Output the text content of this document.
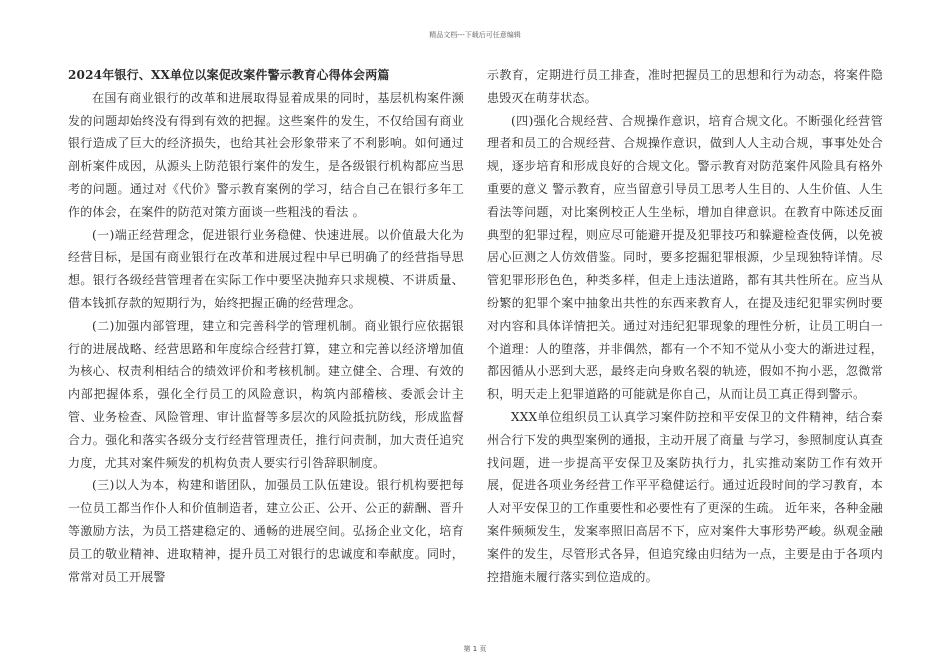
精品文档---下载后可任意编辑

2024年银行、XX单位以案促改案件警示教育心得体会两篇

在国有商业银行的改革和进展取得显着成果的同时，基层机构案件濒发的问题却始终没有得到有效的把握。这些案件的发生，不仅给国有商业银行造成了巨大的经济损失，也给其社会形象带来了不利影响。如何通过剖析案件成因，从源头上防范银行案件的发生，是各级银行机构都应当思考的问题。通过对《代价》警示教育案例的学习，结合自己在银行多年工作的体会，在案件的防范对策方面谈一些粗浅的看法 。

(一)端正经营理念，促进银行业务稳健、快速进展。以价值最大化为经营目标，是国有商业银行在改革和进展过程中早已明确了的经营指导思想。银行各级经营管理者在实际工作中要坚决抛弃只求规模、不讲质量、借本钱抓存款的短期行为，始终把握正确的经营理念。

(二)加强内部管理，建立和完善科学的管理机制。商业银行应依据银行的进展战略、经营思路和年度综合经营打算，建立和完善以经济增加值为核心、权责利相结合的绩效评价和考核机制。建立健全、合理、有效的内部把握体系，强化全行员工的风险意识，构筑内部稽核、委派会计主管、业务检查、风险管理、审计监督等多层次的风险抵抗防线，形成监督合力。强化和落实各级分支行经营管理责任，推行问责制，加大责任追究力度，尤其对案件频发的机构负责人要实行引咎辞职制度。

(三)以人为本，构建和谐团队，加强员工队伍建设。银行机构要把每一位员工都当作仆人和价值制造者，建立公正、公开、公正的薪酬、晋升等激励方法，为员工搭建稳定的、通畅的进展空间。弘扬企业文化，培育员工的敬业精神、进取精神，提升员工对银行的忠诚度和奉献度。同时，常常对员工开展警

示教育，定期进行员工排查，准时把握员工的思想和行为动态，将案件隐患毁灭在萌芽状态。

(四)强化合规经营、合规操作意识，培育合规文化。不断强化经营管理者和员工的合规经营、合规操作意识，做到人人主动合规，事事处处合规，逐步培育和形成良好的合规文化。警示教育对防范案件风险具有格外重要的意义 警示教育，应当留意引导员工思考人生目的、人生价值、人生看法等问题，对比案例校正人生坐标，增加自律意识。在教育中陈述反面典型的犯罪过程，则应尽可能避开提及犯罪技巧和躲避检查伎俩，以免被居心叵测之人仿效借鉴。同时，要多挖掘犯罪根源，少呈现独特详情。尽管犯罪形形色色，种类多样，但走上违法道路，都有其共性所在。应当从纷繁的犯罪个案中抽象出共性的东西来教育人，在提及违纪犯罪实例时要对内容和具体详情把关。通过对违纪犯罪现象的理性分析，让员工明白一个道理：人的堕落，并非偶然，都有一个不知不觉从小变大的渐进过程，都因循从小恶到大恶，最终走向身败名裂的轨迹，假如不拘小恶，忽微常积，明天走上犯罪道路的可能就是你自己，从而让员工真正得到警示。

XXX单位组织员工认真学习案件防控和平安保卫的文件精神，结合秦州合行下发的典型案例的通报，主动开展了商量 与学习，参照制度认真查找问题，进一步提高平安保卫及案防执行力，扎实推动案防工作有效开展，促进各项业务经营工作平平稳健运行。通过近段时间的学习教育，本人对平安保卫的工作重要性和必要性有了更深的生疏。 近年来，各种金融案件频频发生，发案率照旧高居不下，应对案件大事形势严峻。纵观金融案件的发生，尽管形式各异，但追究缘由归结为一点，主要是由于各项内控措施未履行落实到位造成的。

第 1 页
